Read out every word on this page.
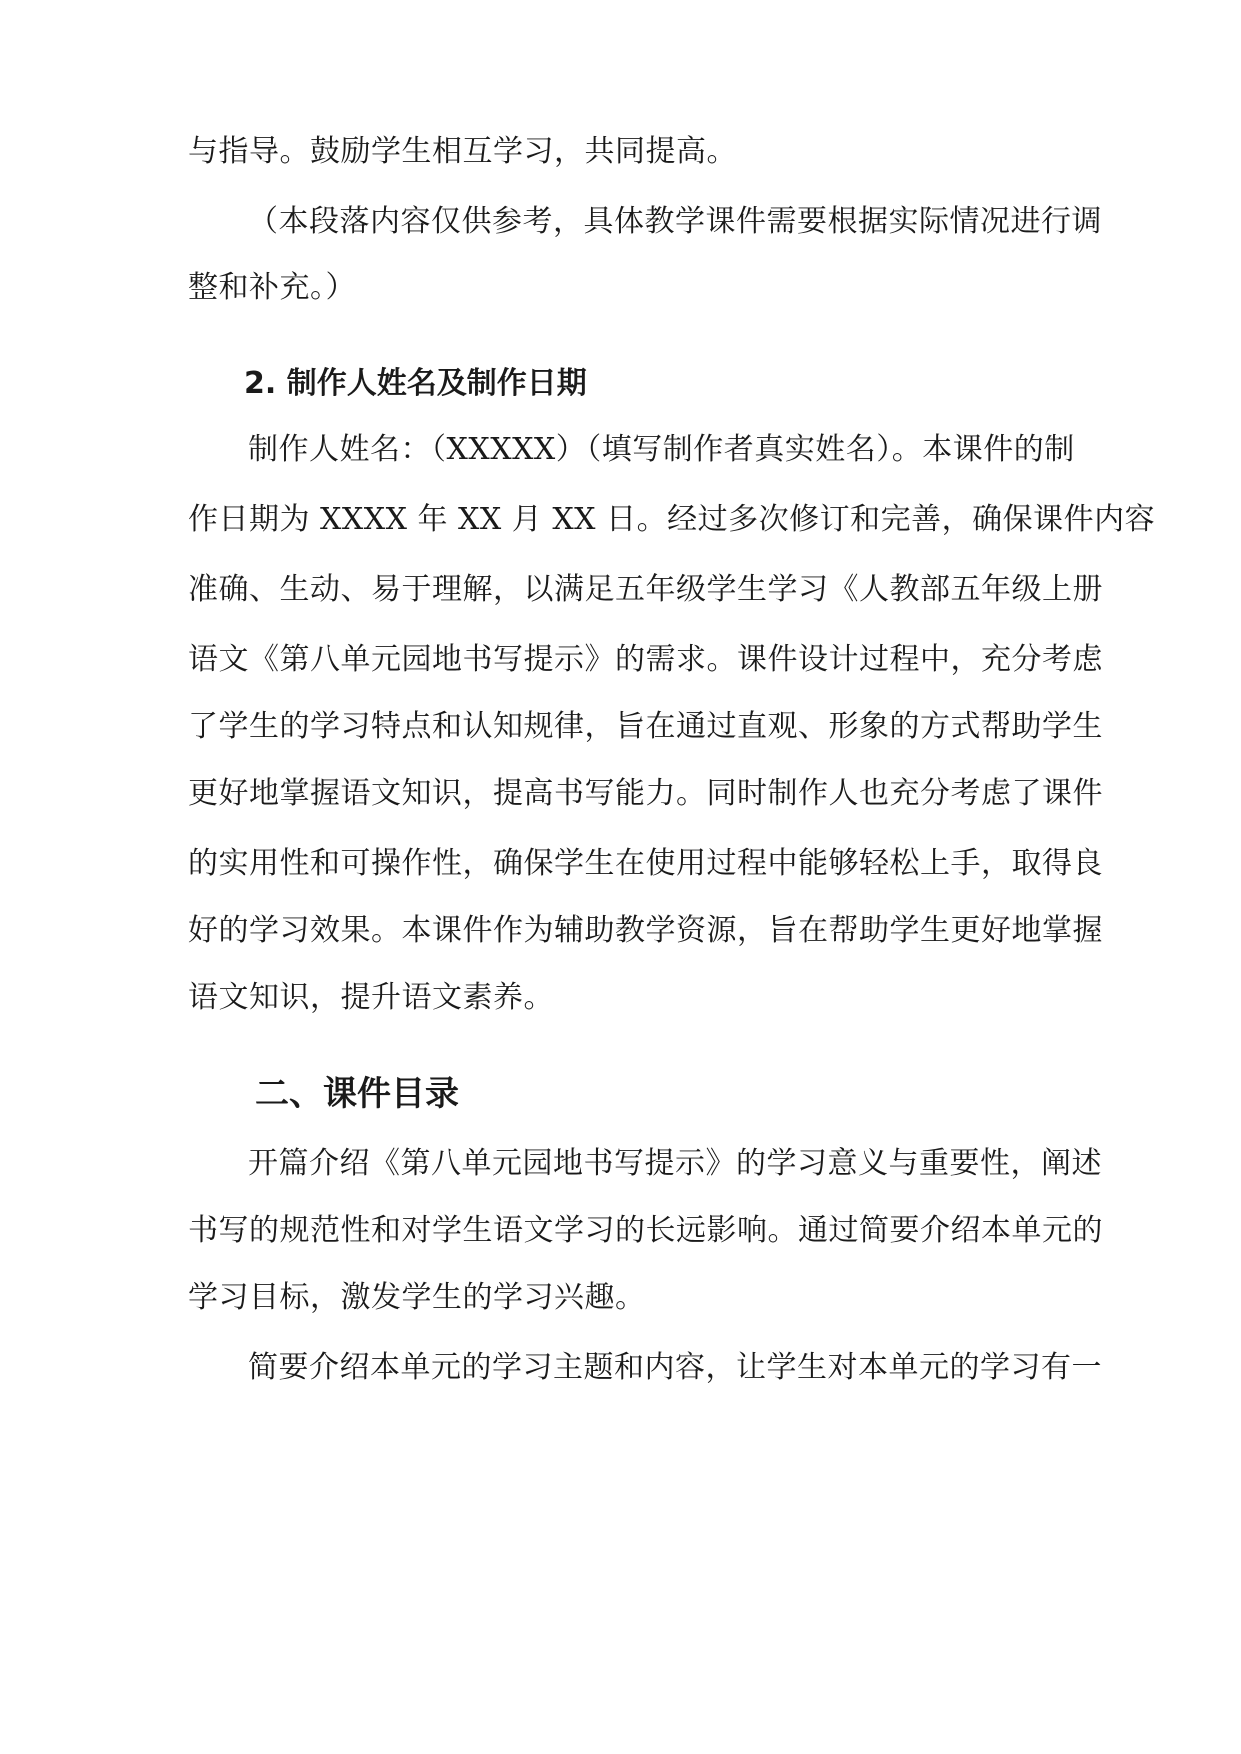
与指导。鼓励学生相互学习，共同提高。
（本段落内容仅供参考，具体教学课件需要根据实际情况进行调
整和补充。）
2. 制作人姓名及制作日期
制作人姓名：（XXXXX）（填写制作者真实姓名）。本课件的制
作日期为 XXXX 年 XX 月 XX 日。经过多次修订和完善，确保课件内容
准确、生动、易于理解，以满足五年级学生学习《人教部五年级上册
语文《第八单元园地书写提示》的需求。课件设计过程中，充分考虑
了学生的学习特点和认知规律，旨在通过直观、形象的方式帮助学生
更好地掌握语文知识，提高书写能力。同时制作人也充分考虑了课件
的实用性和可操作性，确保学生在使用过程中能够轻松上手，取得良
好的学习效果。本课件作为辅助教学资源，旨在帮助学生更好地掌握
语文知识，提升语文素养。
二、课件目录
开篇介绍《第八单元园地书写提示》的学习意义与重要性，阐述
书写的规范性和对学生语文学习的长远影响。通过简要介绍本单元的
学习目标，激发学生的学习兴趣。
简要介绍本单元的学习主题和内容，让学生对本单元的学习有一
